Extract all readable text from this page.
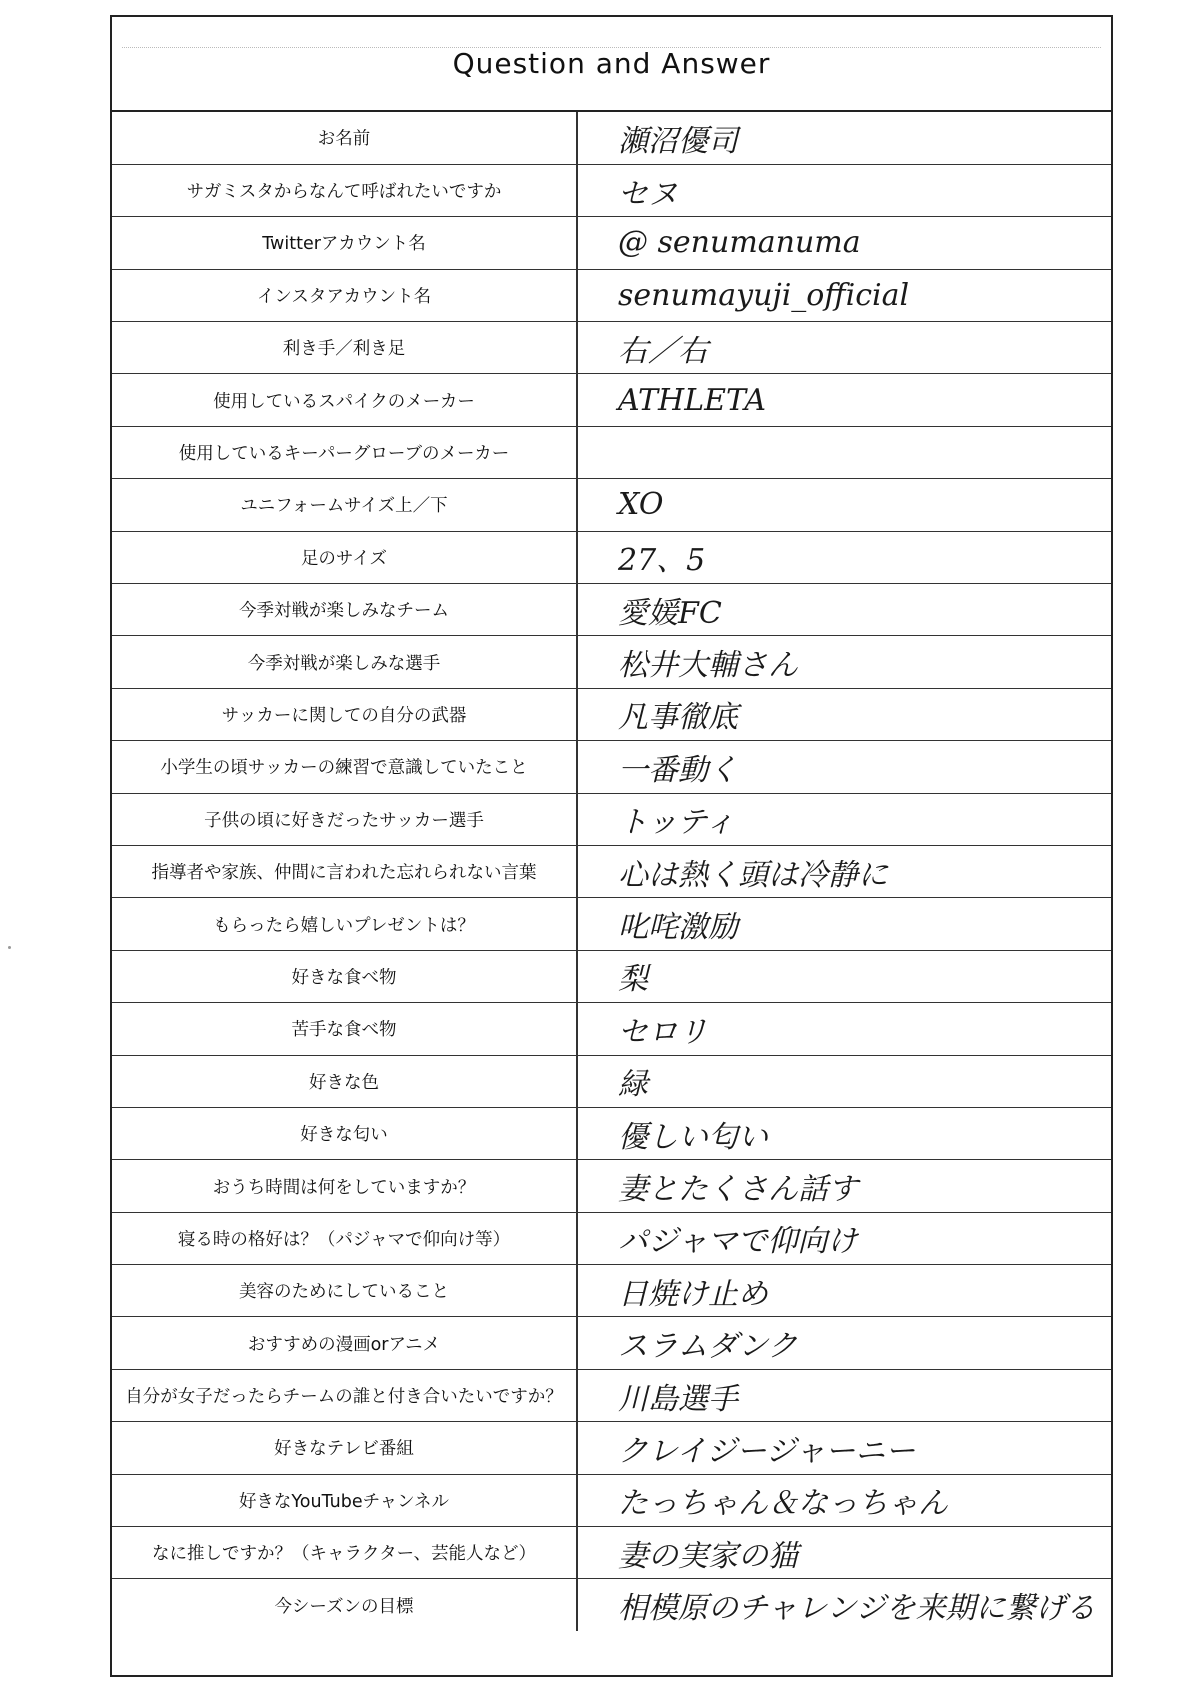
Question and Answer
お名前	瀬沼優司
サガミスタからなんて呼ばれたいですか	セヌ
Twitterアカウント名	@ senumanuma
インスタアカウント名	senumayuji_official
利き手／利き足	右／右
使用しているスパイクのメーカー	ATHLETA
使用しているキーパーグローブのメーカー	
ユニフォームサイズ上／下	XO
足のサイズ	27、5
今季対戦が楽しみなチーム	愛媛FC
今季対戦が楽しみな選手	松井大輔さん
サッカーに関しての自分の武器	凡事徹底
小学生の頃サッカーの練習で意識していたこと	一番動く
子供の頃に好きだったサッカー選手	トッティ
指導者や家族、仲間に言われた忘れられない言葉	心は熱く頭は冷静に
もらったら嬉しいプレゼントは？	叱咤激励
好きな食べ物	梨
苦手な食べ物	セロリ
好きな色	緑
好きな匂い	優しい匂い
おうち時間は何をしていますか？	妻とたくさん話す
寝る時の格好は？（パジャマで仰向け等）	パジャマで仰向け
美容のためにしていること	日焼け止め
おすすめの漫画orアニメ	スラムダンク
自分が女子だったらチームの誰と付き合いたいですか？	川島選手
好きなテレビ番組	クレイジージャーニー
好きなYouTubeチャンネル	たっちゃん＆なっちゃん
なに推しですか？（キャラクター、芸能人など）	妻の実家の猫
今シーズンの目標	相模原のチャレンジを来期に繋げる
